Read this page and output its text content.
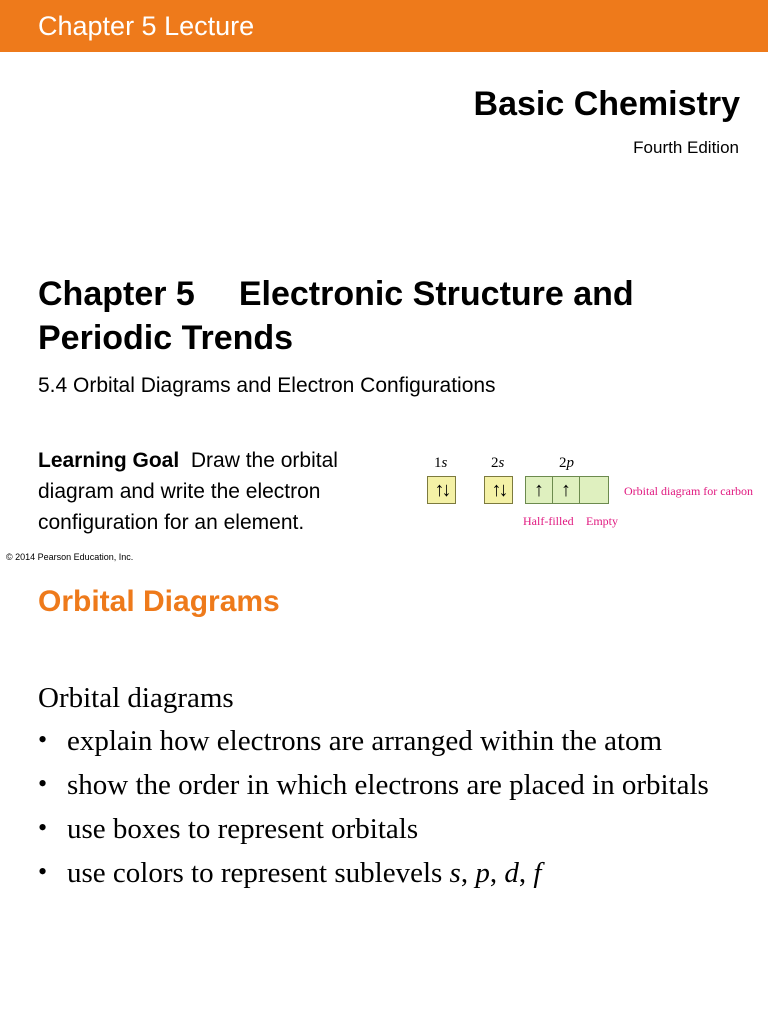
Chapter 5 Lecture
Basic Chemistry
Fourth Edition
Chapter 5 Electronic Structure and Periodic Trends
5.4 Orbital Diagrams and Electron Configurations
Learning Goal Draw the orbital diagram and write the electron configuration for an element.
1s	2s	2p
↑↓	↑↓	↑ ↑	Orbital diagram for carbon
Half-filled Empty
© 2014 Pearson Education, Inc.
Orbital Diagrams

Orbital diagrams

• explain how electrons are arranged within the atom
• show the order in which electrons are placed in orbitals
• use boxes to represent orbitals
• use colors to represent sublevels s, p, d, f
